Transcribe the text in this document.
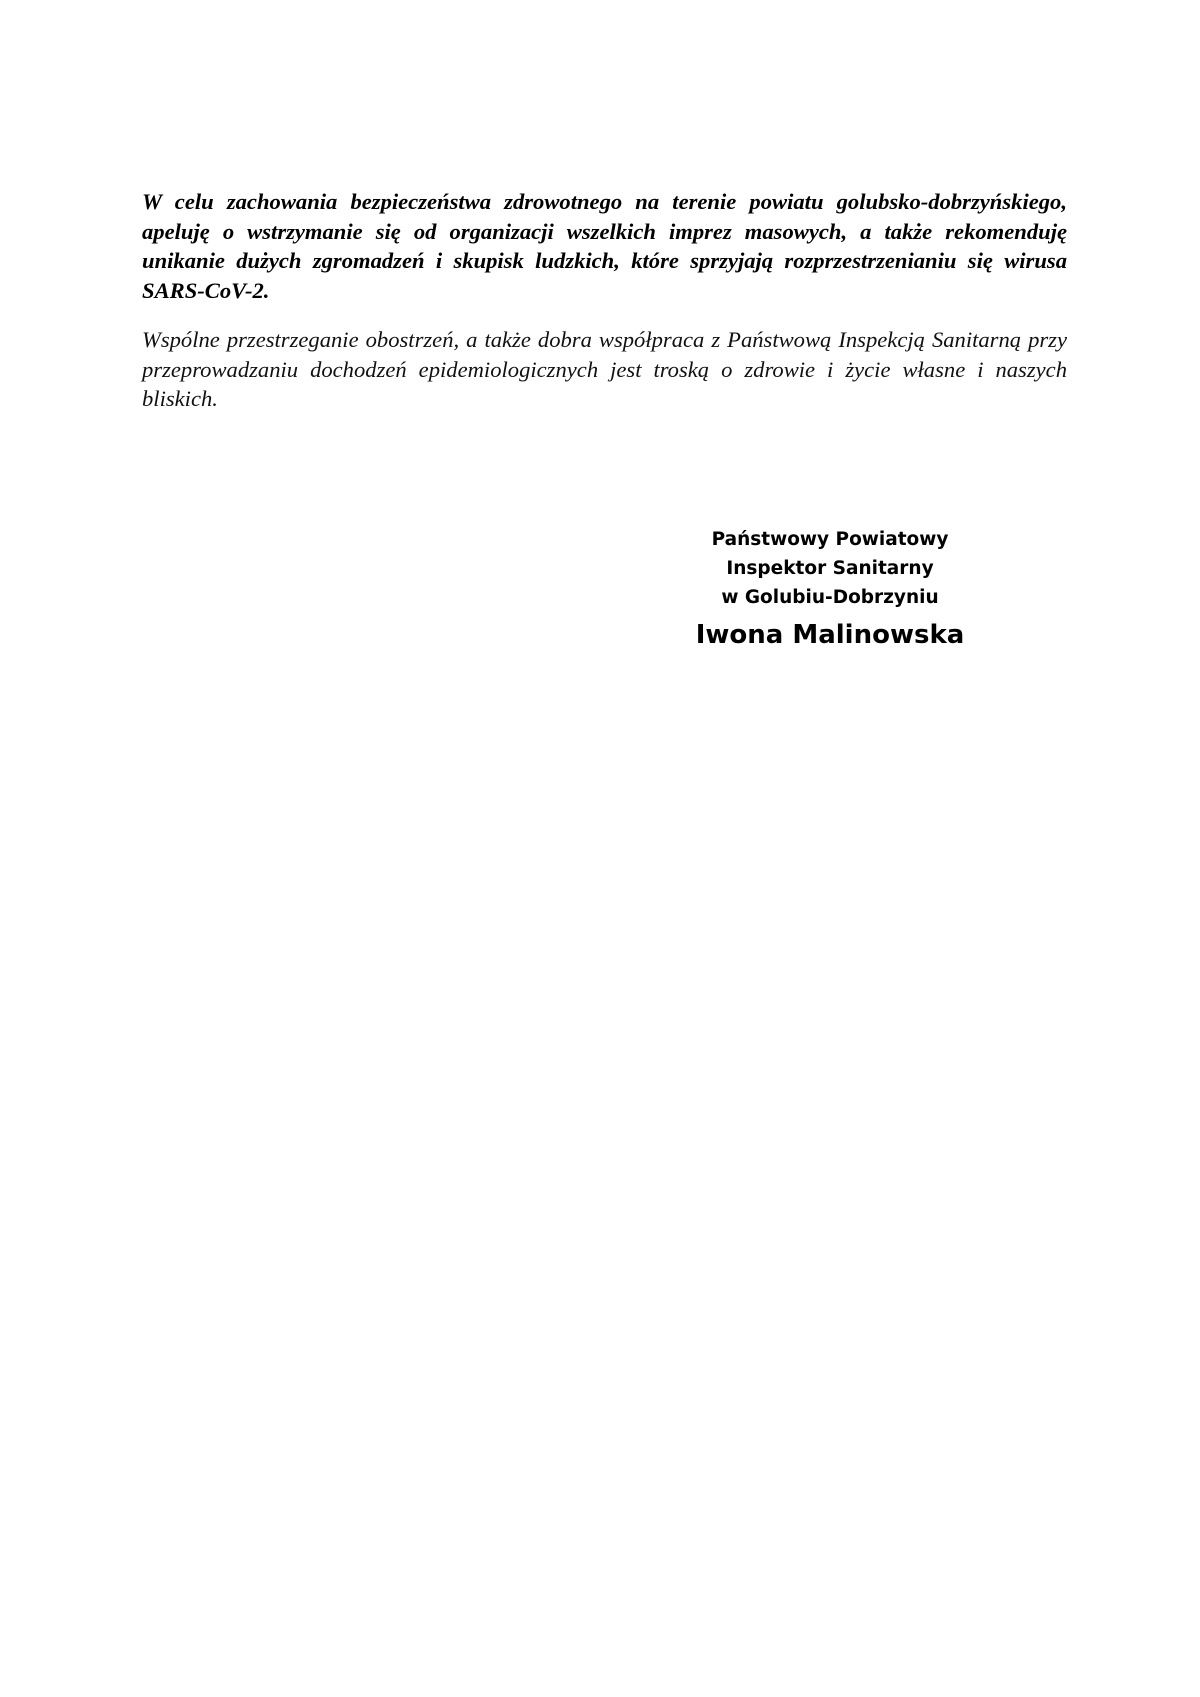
W celu zachowania bezpieczeństwa zdrowotnego na terenie powiatu golubsko-dobrzyńskiego, apeluję o wstrzymanie się od organizacji wszelkich imprez masowych, a także rekomenduję unikanie dużych zgromadzeń i skupisk ludzkich, które sprzyjają rozprzestrzenianiu się wirusa SARS-CoV-2.

Wspólne przestrzeganie obostrzeń, a także dobra współpraca z Państwową Inspekcją Sanitarną przy przeprowadzaniu dochodzeń epidemiologicznych jest troską o zdrowie i życie własne i naszych bliskich.

Państwowy Powiatowy
Inspektor Sanitarny
w Golubiu-Dobrzyniu
Iwona Malinowska
